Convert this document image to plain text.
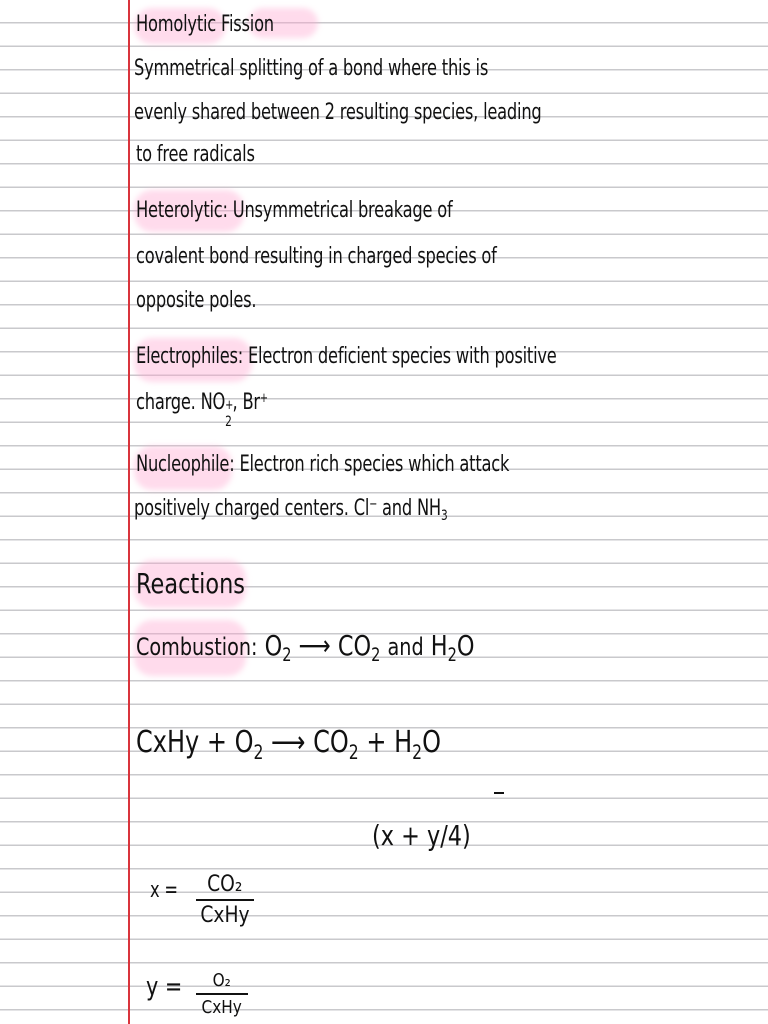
Homolytic Fission
Symmetrical splitting of a bond where this is
evenly shared between 2 resulting species, leading
to free radicals
Heterolytic: Unsymmetrical breakage of
covalent bond resulting in charged species of
opposite poles.
Electrophiles: Electron deficient species with positive
charge. NO +
2
, Br+
Nucleophile: Electron rich species which attack
positively charged centers. Cl− and $NH_3$
Reactions
Combustion: $O_2$ ⟶ $CO_2$ and $H_2O$
CxHy + $O_2$ ⟶ $CO_2 + H_2O$
(x + y/4)
x = CO₂
CxHy
y = O₂
CxHy
